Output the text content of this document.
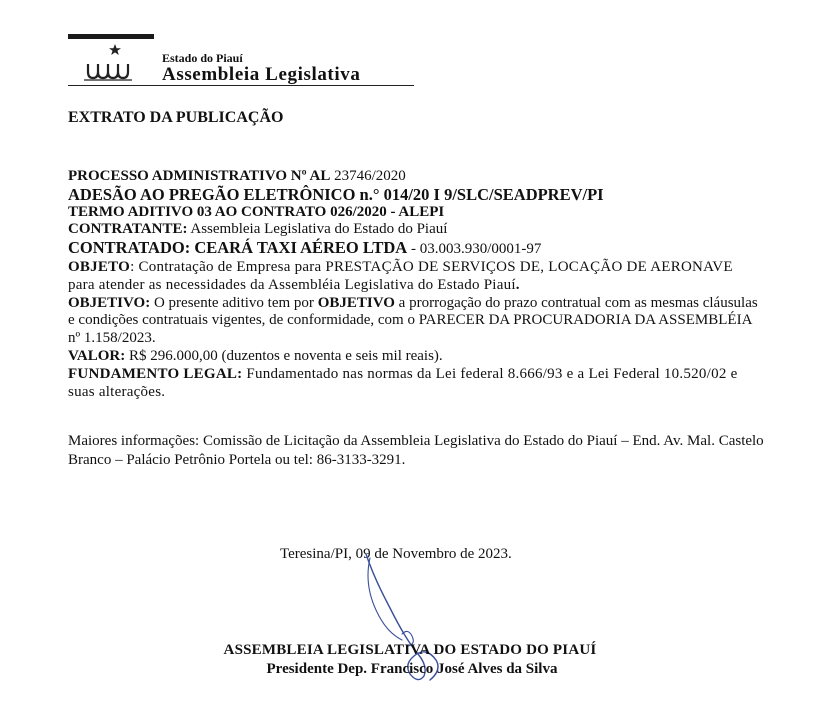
Estado do Piauí
Assembleia Legislativa
EXTRATO DA PUBLICAÇÃO

PROCESSO ADMINISTRATIVO Nº AL 23746/2020

ADESÃO AO PREGÃO ELETRÔNICO n.° 014/20 I 9/SLC/SEADPREV/PI

TERMO ADITIVO 03 AO CONTRATO 026/2020 - ALEPI

CONTRATANTE: Assembleia Legislativa do Estado do Piauí

CONTRATADO: CEARÁ TAXI AÉREO LTDA - 03.003.930/0001-97

OBJETO: Contratação de Empresa para PRESTAÇÃO DE SERVIÇOS DE, LOCAÇÃO DE AERONAVE para atender as necessidades da Assembléia Legislativa do Estado Piauí.

OBJETIVO: O presente aditivo tem por OBJETIVO a prorrogação do prazo contratual com as mesmas cláusulas e condições contratuais vigentes, de conformidade, com o PARECER DA PROCURADORIA DA ASSEMBLÉIA nº 1.158/2023.

VALOR: R$ 296.000,00 (duzentos e noventa e seis mil reais).

FUNDAMENTO LEGAL: Fundamentado nas normas da Lei federal 8.666/93 e a Lei Federal 10.520/02 e suas alterações.

Maiores informações: Comissão de Licitação da Assembleia Legislativa do Estado do Piauí – End. Av. Mal. Castelo Branco – Palácio Petrônio Portela ou tel: 86-3133-3291.

Teresina/PI, 09 de Novembro de 2023.

ASSEMBLEIA LEGISLATIVA DO ESTADO DO PIAUÍ

Presidente Dep. Francisco José Alves da Silva
